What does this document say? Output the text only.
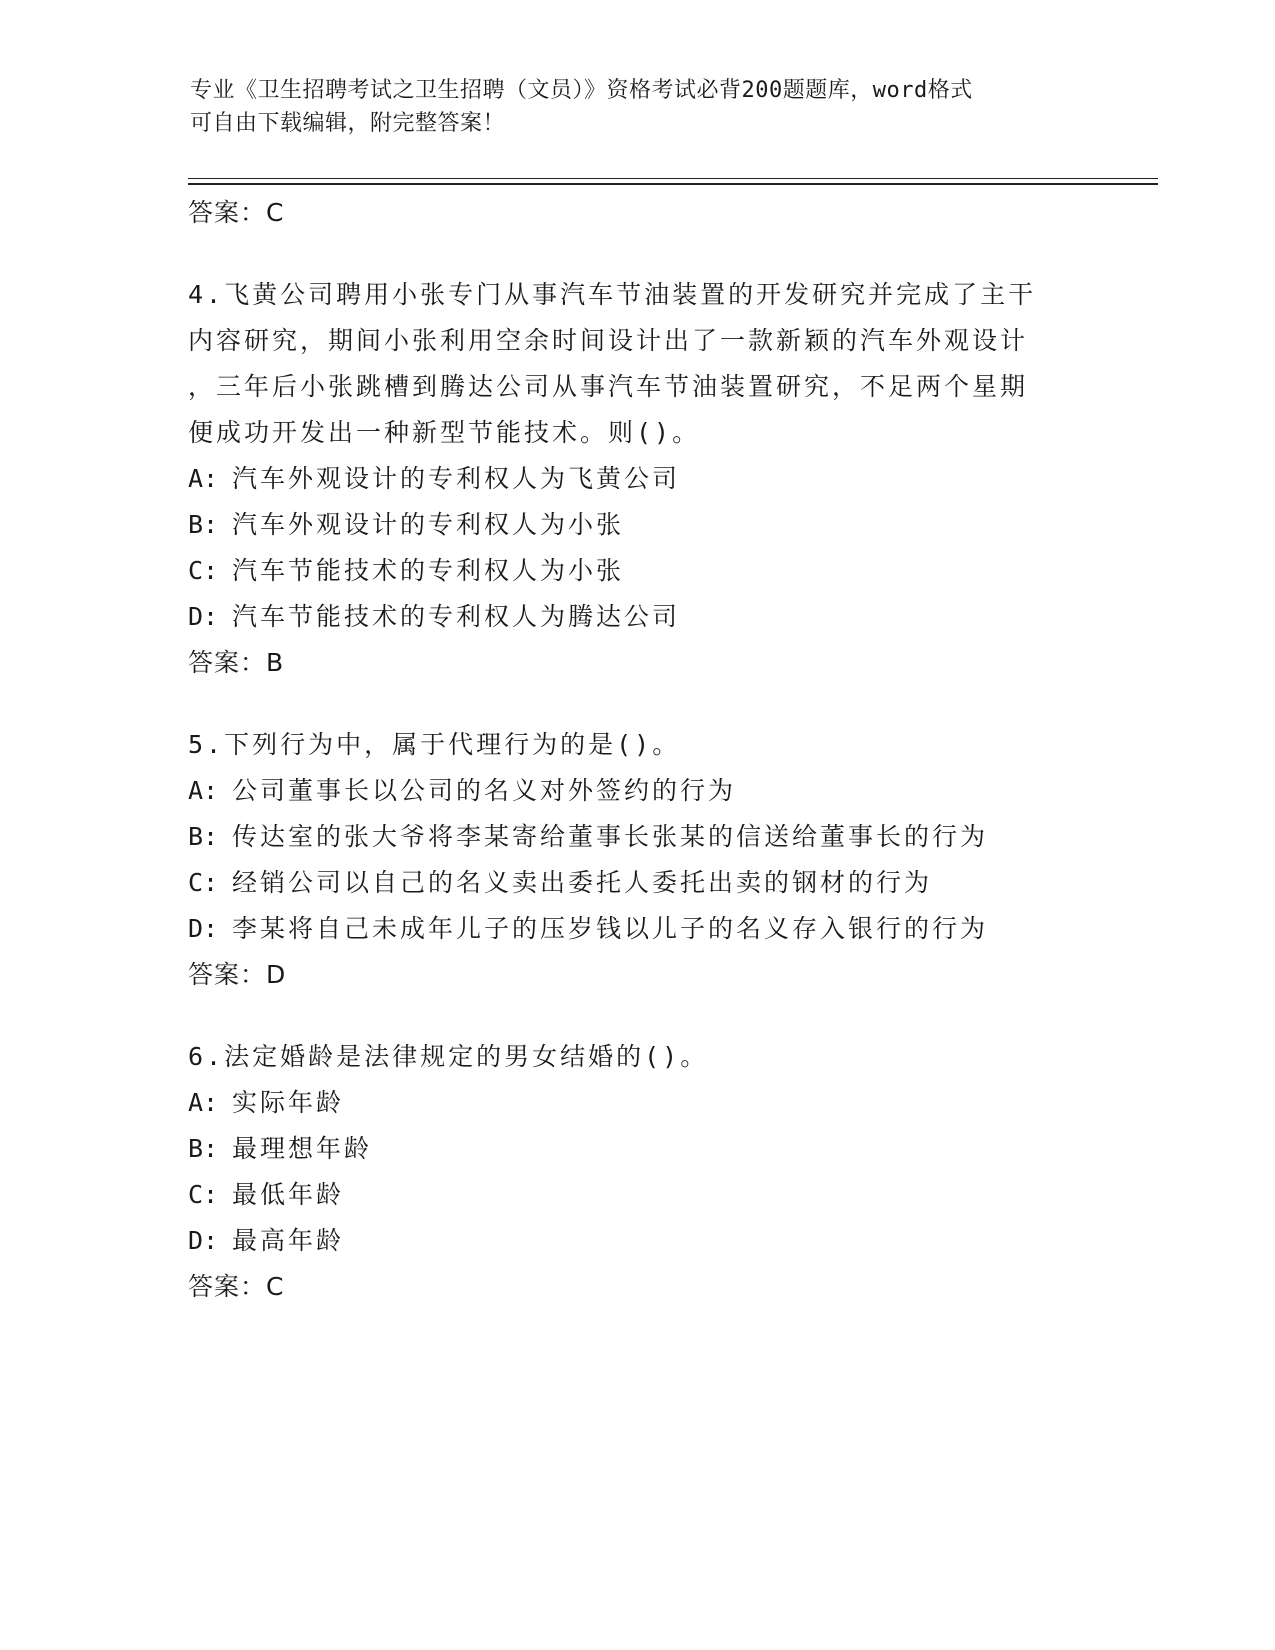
专业《卫生招聘考试之卫生招聘（文员）》资格考试必背200题题库，word格式
可自由下载编辑，附完整答案！
答案：C
4.飞黄公司聘用小张专门从事汽车节油装置的开发研究并完成了主干
内容研究，期间小张利用空余时间设计出了一款新颖的汽车外观设计
，三年后小张跳槽到腾达公司从事汽车节油装置研究，不足两个星期
便成功开发出一种新型节能技术。则()。
A: 汽车外观设计的专利权人为飞黄公司
B: 汽车外观设计的专利权人为小张
C: 汽车节能技术的专利权人为小张
D: 汽车节能技术的专利权人为腾达公司
答案：B
5.下列行为中，属于代理行为的是()。
A: 公司董事长以公司的名义对外签约的行为
B: 传达室的张大爷将李某寄给董事长张某的信送给董事长的行为
C: 经销公司以自己的名义卖出委托人委托出卖的钢材的行为
D: 李某将自己未成年儿子的压岁钱以儿子的名义存入银行的行为
答案：D
6.法定婚龄是法律规定的男女结婚的()。
A: 实际年龄
B: 最理想年龄
C: 最低年龄
D: 最高年龄
答案：C
